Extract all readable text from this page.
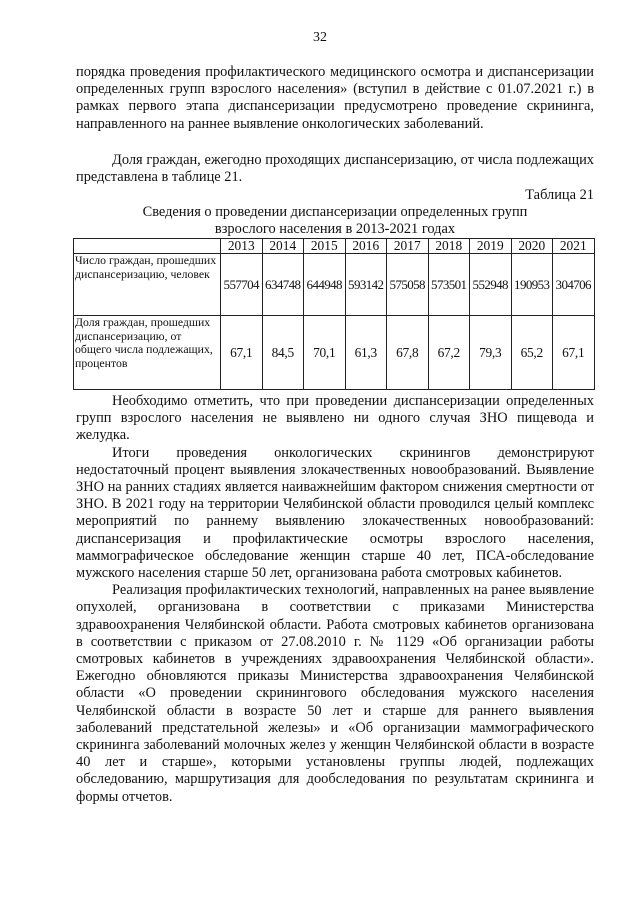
32

порядка проведения профилактического медицинского осмотра и диспансеризации определенных групп взрослого населения» (вступил в действие с 01.07.2021 г.) в рамках первого этапа диспансеризации предусмотрено проведение скрининга, направленного на раннее выявление онкологических заболеваний.

Доля граждан, ежегодно проходящих диспансеризацию, от числа подлежащих представлена в таблице 21.

Таблица 21
Сведения о проведении диспансеризации определенных групп
взрослого населения в 2013-2021 годах
	2013	2014	2015	2016	2017	2018	2019	2020	2021
Число граждан, прошедших диспансеризацию, человек	557704	634748	644948	593142	575058	573501	552948	190953	304706
Доля граждан, прошедших диспансеризацию, от общего числа подлежащих, процентов	67,1	84,5	70,1	61,3	67,8	67,2	79,3	65,2	67,1

Необходимо отметить, что при проведении диспансеризации определенных групп взрослого населения не выявлено ни одного случая ЗНО пищевода и желудка.

Итоги проведения онкологических скринингов демонстрируют недостаточный процент выявления злокачественных новообразований. Выявление ЗНО на ранних стадиях является наиважнейшим фактором снижения смертности от ЗНО. В 2021 году на территории Челябинской области проводился целый комплекс мероприятий по раннему выявлению злокачественных новообразований: диспансеризация и профилактические осмотры взрослого населения, маммографическое обследование женщин старше 40 лет, ПСА-обследование мужского населения старше 50 лет, организована работа смотровых кабинетов.

Реализация профилактических технологий, направленных на ранее выявление опухолей, организована в соответствии с приказами Министерства здравоохранения Челябинской области. Работа смотровых кабинетов организована в соответствии с приказом от 27.08.2010 г. № 1129 «Об организации работы смотровых кабинетов в учреждениях здравоохранения Челябинской области». Ежегодно обновляются приказы Министерства здравоохранения Челябинской области «О проведении скринингового обследования мужского населения Челябинской области в возрасте 50 лет и старше для раннего выявления заболеваний предстательной железы» и «Об организации маммографического скрининга заболеваний молочных желез у женщин Челябинской области в возрасте 40 лет и старше», которыми установлены группы людей, подлежащих обследованию, маршрутизация для дообследования по результатам скрининга и формы отчетов.
